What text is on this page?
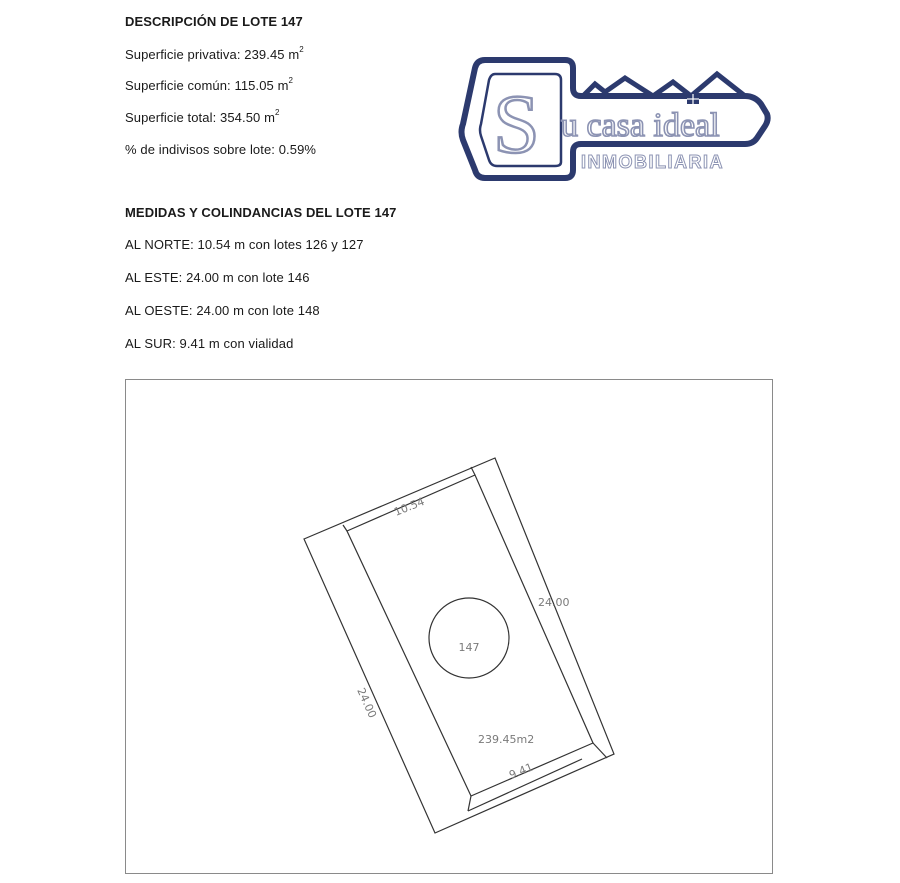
DESCRIPCIÓN DE LOTE 147
Superficie privativa: 239.45 $m^2$
Superficie común: 115.05 $m^2$
Superficie total: 354.50 $m^2$
% de indivisos sobre lote: 0.59%
MEDIDAS Y COLINDANCIAS DEL LOTE 147
AL NORTE: 10.54 m con lotes 126 y 127
AL ESTE: 24.00 m con lote 146
AL OESTE: 24.00 m con lote 148
AL SUR: 9.41 m con vialidad
S u casa ideal
INMOBILIARIA
147
10.54
24.00
24.00
9.41
239.45m2
